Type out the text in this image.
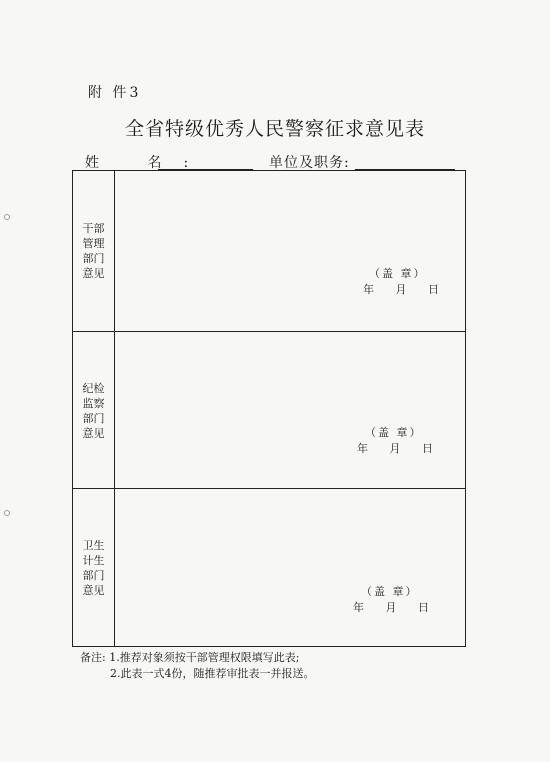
附 件3
全省特级优秀人民警察征求意见表
姓 名:	单位及职务:
干部管理部门意见	（盖 章）
年 月 日
纪检监察部门意见	（盖 章）
年 月 日
卫生计生部门意见	（盖 章）
年 月 日
备注: 1.推荐对象须按干部管理权限填写此表;
2.此表一式4份，随推荐审批表一并报送。
